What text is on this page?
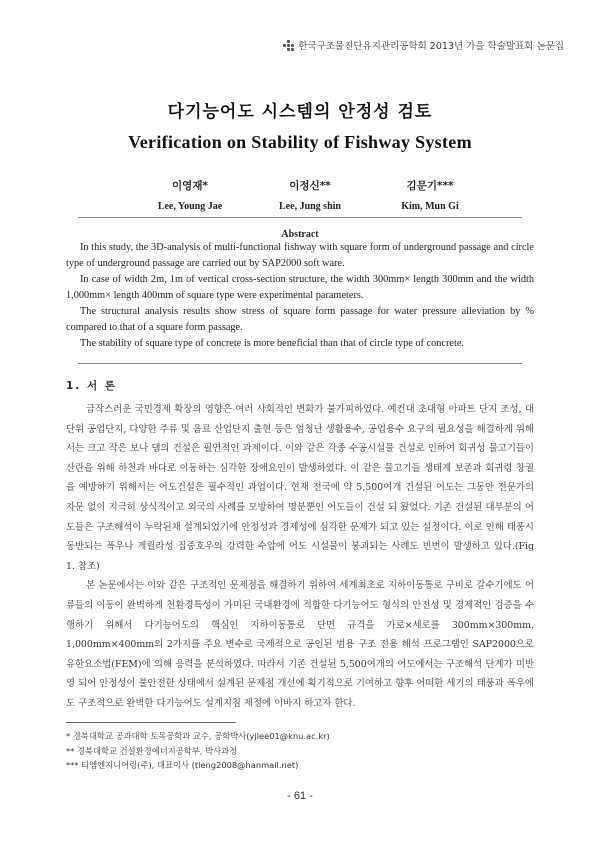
한국구조물진단유지관리공학회 2013년 가을 학술발표회 논문집
다기능어도 시스템의 안정성 검토
Verification on Stability of Fishway System
이영재*
Lee, Young Jae
이정신**
Lee, Jung shin
김문기***
Kim, Mun Gi
Abstract

In this study, the 3D-analysis of multi-functional fishway with square form of underground passage and circle type of underground passage are carried out by SAP2000 soft ware.

In case of width 2m, 1m of vertical cross-section structure, the width 300mm× length 300mm and the width 1,000mm× length 400mm of square type were experimental parameters.

The structural analysis results show stress of square form passage for water pressure alleviation by % compared to that of a square form passage.

The stability of square type of concrete is more beneficial than that of circle type of concrete.

1. 서 론

급작스러운 국민경제 확장의 영향은 여러 사회적인 변화가 불가피하였다. 예컨대 초대형 아파트 단지 조성, 대단위 공업단지, 다양한 주류 및 음료 산업단지 출현 등은 엄청난 생활용수, 공업용수 요구의 필요성을 해결하게 위해서는 크고 작은 보나 댐의 건설은 필연적인 과제이다. 이와 같은 각종 수공시설물 건설로 인하여 회귀성 물고기들이 산란을 위해 하천과 바다로 이동하는 심각한 장애요인이 발생하였다. 이 같은 물고기들 생태계 보존과 회귀령 창궐을 예방하기 위해서는 어도건설은 필수적인 과업이다. 현재 전국에 약 5,500여개 건설된 어도는 그동안 전문가의 자문 없이 지극히 상식적이고 외국의 사례를 모방하여 명분뿐인 어도들이 건설 되 왔었다. 기존 건설된 대부분의 어도들은 구조해석이 누락된채 설계되었기에 안정성과 경제성에 심각한 문제가 되고 있는 실정이다. 이로 인해 태풍시 동반되는 폭우나 게릴라성 집중호우의 강력한 수압에 어도 시설물이 붕괴되는 사례도 빈번이 발생하고 있다.(Fig 1. 참조)

본 논문에서는 이와 같은 구조적인 문제점을 해결하기 위하여 세계최초로 지하이동통로 구비로 갈수기에도 어류들의 이동이 완벽하게 천환경특성이 가미된 국내환경에 적합한 다기능어도 형식의 안전성 및 경제적인 검증을 수행하기 위해서 다기능어도의 핵심인 지하이동통로 단면 규격을 가로×세로를 300mm×300mm, 1,000mm×400mm의 2가지를 주요 변수로 국제적으로 공인된 범용 구조 전용 해석 프로그램인 SAP2000으로 유한요소법(FEM)에 의해 응력을 분석하였다. 따라서 기존 건설된 5,500여개의 어도에서는 구조해석 단계가 미반영 되어 안정성이 불안전한 상태에서 설계된 문제점 개선에 획기적으로 기여하고 향후 어떠한 세기의 태풍과 폭우에도 구조적으로 완벽한 다기능어도 설계지침 제정에 이바지 하고자 한다.

* 경북대학교 공과대학 토목공학과 교수, 공학박사(yjlee01@knu.ac.kr)
** 경북대학교 건설환경에너지공학부, 박사과정
*** 티엠엔지니어링(주), 대표이사 (tleng2008@hanmail.net)
- 61 -
